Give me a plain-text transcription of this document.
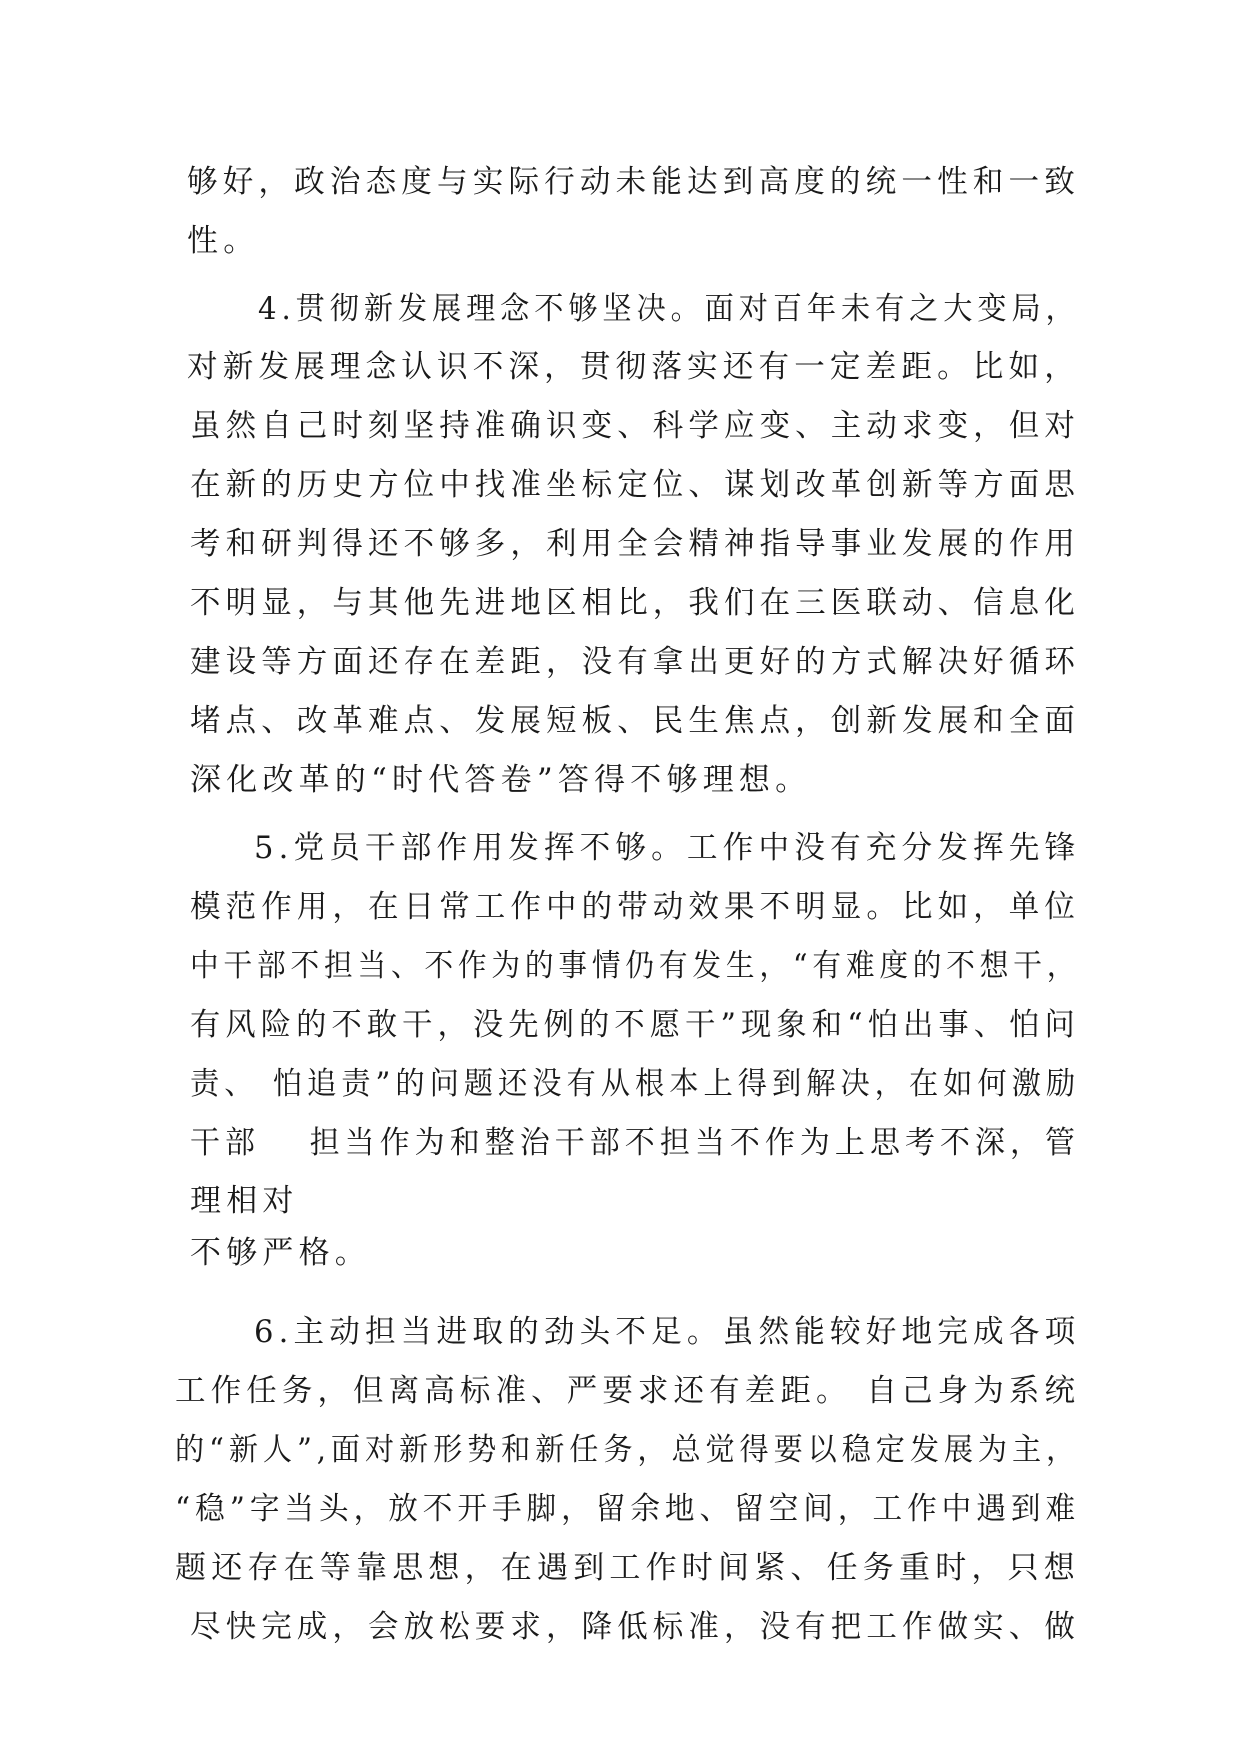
够好，政治态度与实际行动未能达到高度的统一性和一致
性。
4.贯彻新发展理念不够坚决。面对百年未有之大变局，
对新发展理念认识不深，贯彻落实还有一定差距。比如，
虽然自己时刻坚持准确识变、科学应变、主动求变，但对
在新的历史方位中找准坐标定位、谋划改革创新等方面思
考和研判得还不够多，利用全会精神指导事业发展的作用
不明显，与其他先进地区相比，我们在三医联动、信息化
建设等方面还存在差距，没有拿出更好的方式解决好循环
堵点、改革难点、发展短板、民生焦点，创新发展和全面
深化改革的“时代答卷”答得不够理想。
5.党员干部作用发挥不够。工作中没有充分发挥先锋
模范作用，在日常工作中的带动效果不明显。比如，单位
中干部不担当、不作为的事情仍有发生，“有难度的不想干，
有风险的不敢干，没先例的不愿干”现象和“怕出事、怕问
责、 怕追责”的问题还没有从根本上得到解决，在如何激励
干部　 担当作为和整治干部不担当不作为上思考不深，管
理相对
不够严格。
6.主动担当进取的劲头不足。虽然能较好地完成各项
工作任务，但离高标准、严要求还有差距。 自己身为系统
的“新人”,面对新形势和新任务，总觉得要以稳定发展为主，
“稳”字当头，放不开手脚，留余地、留空间，工作中遇到难
题还存在等靠思想，在遇到工作时间紧、任务重时，只想
尽快完成，会放松要求，降低标准，没有把工作做实、做
